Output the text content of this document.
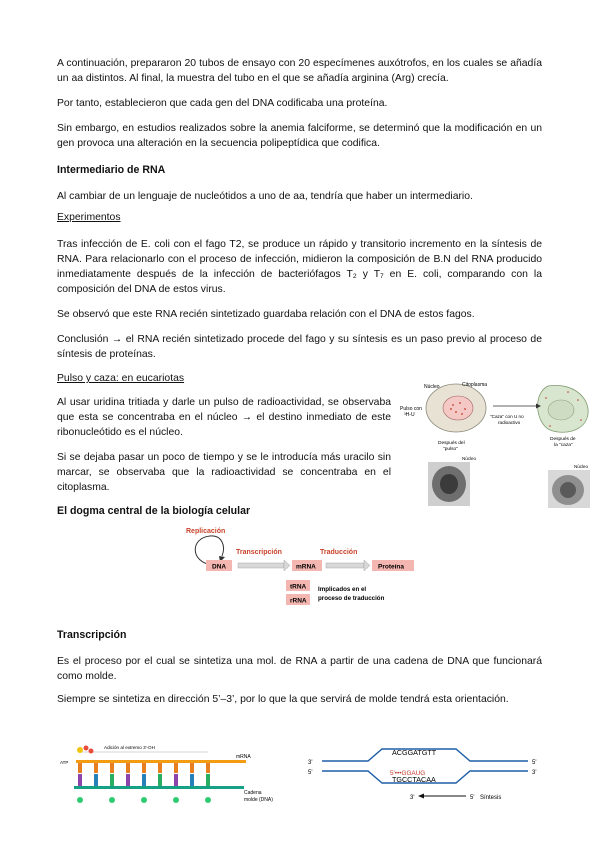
A continuación, prepararon 20 tubos de ensayo con 20 especímenes auxótrofos, en los cuales se añadía un aa distintos. Al final, la muestra del tubo en el que se añadía arginina (Arg) crecía.

Por tanto, establecieron que cada gen del DNA codificaba una proteína.

Sin embargo, en estudios realizados sobre la anemia falciforme, se determinó que la modificación en un gen provoca una alteración en la secuencia polipeptídica que codifica.

Intermediario de RNA

Al cambiar de un lenguaje de nucleótidos a uno de aa, tendría que haber un intermediario.

Experimentos

Tras infección de E. coli con el fago T2, se produce un rápido y transitorio incremento en la síntesis de RNA. Para relacionarlo con el proceso de infección, midieron la composición de B.N del RNA producido inmediatamente después de la infección de bacteriófagos T₂ y T₇ en E. coli, comparando con la composición del DNA de estos virus.

Se observó que este RNA recién sintetizado guardaba relación con el DNA de estos fagos.

Conclusión → el RNA recién sintetizado procede del fago y su síntesis es un paso previo al proceso de síntesis de proteínas.

Pulso y caza: en eucariotas

Al usar uridina tritiada y darle un pulso de radioactividad, se observaba que esta se concentraba en el núcleo → el destino inmediato de este ribonucleótido es el núcleo.

Si se dejaba pasar un poco de tiempo y se le introducía más uracilo sin marcar, se observaba que la radioactividad se concentraba en el citoplasma.

Núcleo	Citoplasma
Pulso con
³H-U	"Caza" con U no
radioactivo
Después del
"pulso"
Después de
la "caza"
Núcleo
Núcleo

El dogma central de la biología celular

Replicación
Transcripción	Traducción
DNA	mRNA	Proteína
tRNA
rRNA
Implicados en el
proceso de traducción

Transcripción

Es el proceso por el cual se sintetiza una mol. de RNA a partir de una cadena de DNA que funcionará como molde.

Siempre se sintetiza en dirección 5’–3’, por lo que la que servirá de molde tendrá esta orientación.

Adición al extremo 3'-OH
ATP
mRNA
Cadena
molde (DNA)
3'
5'
5'
3'
ACGGATGTT
5'•••GGAUG
TGCCTACAA
3'	5' Síntesis
